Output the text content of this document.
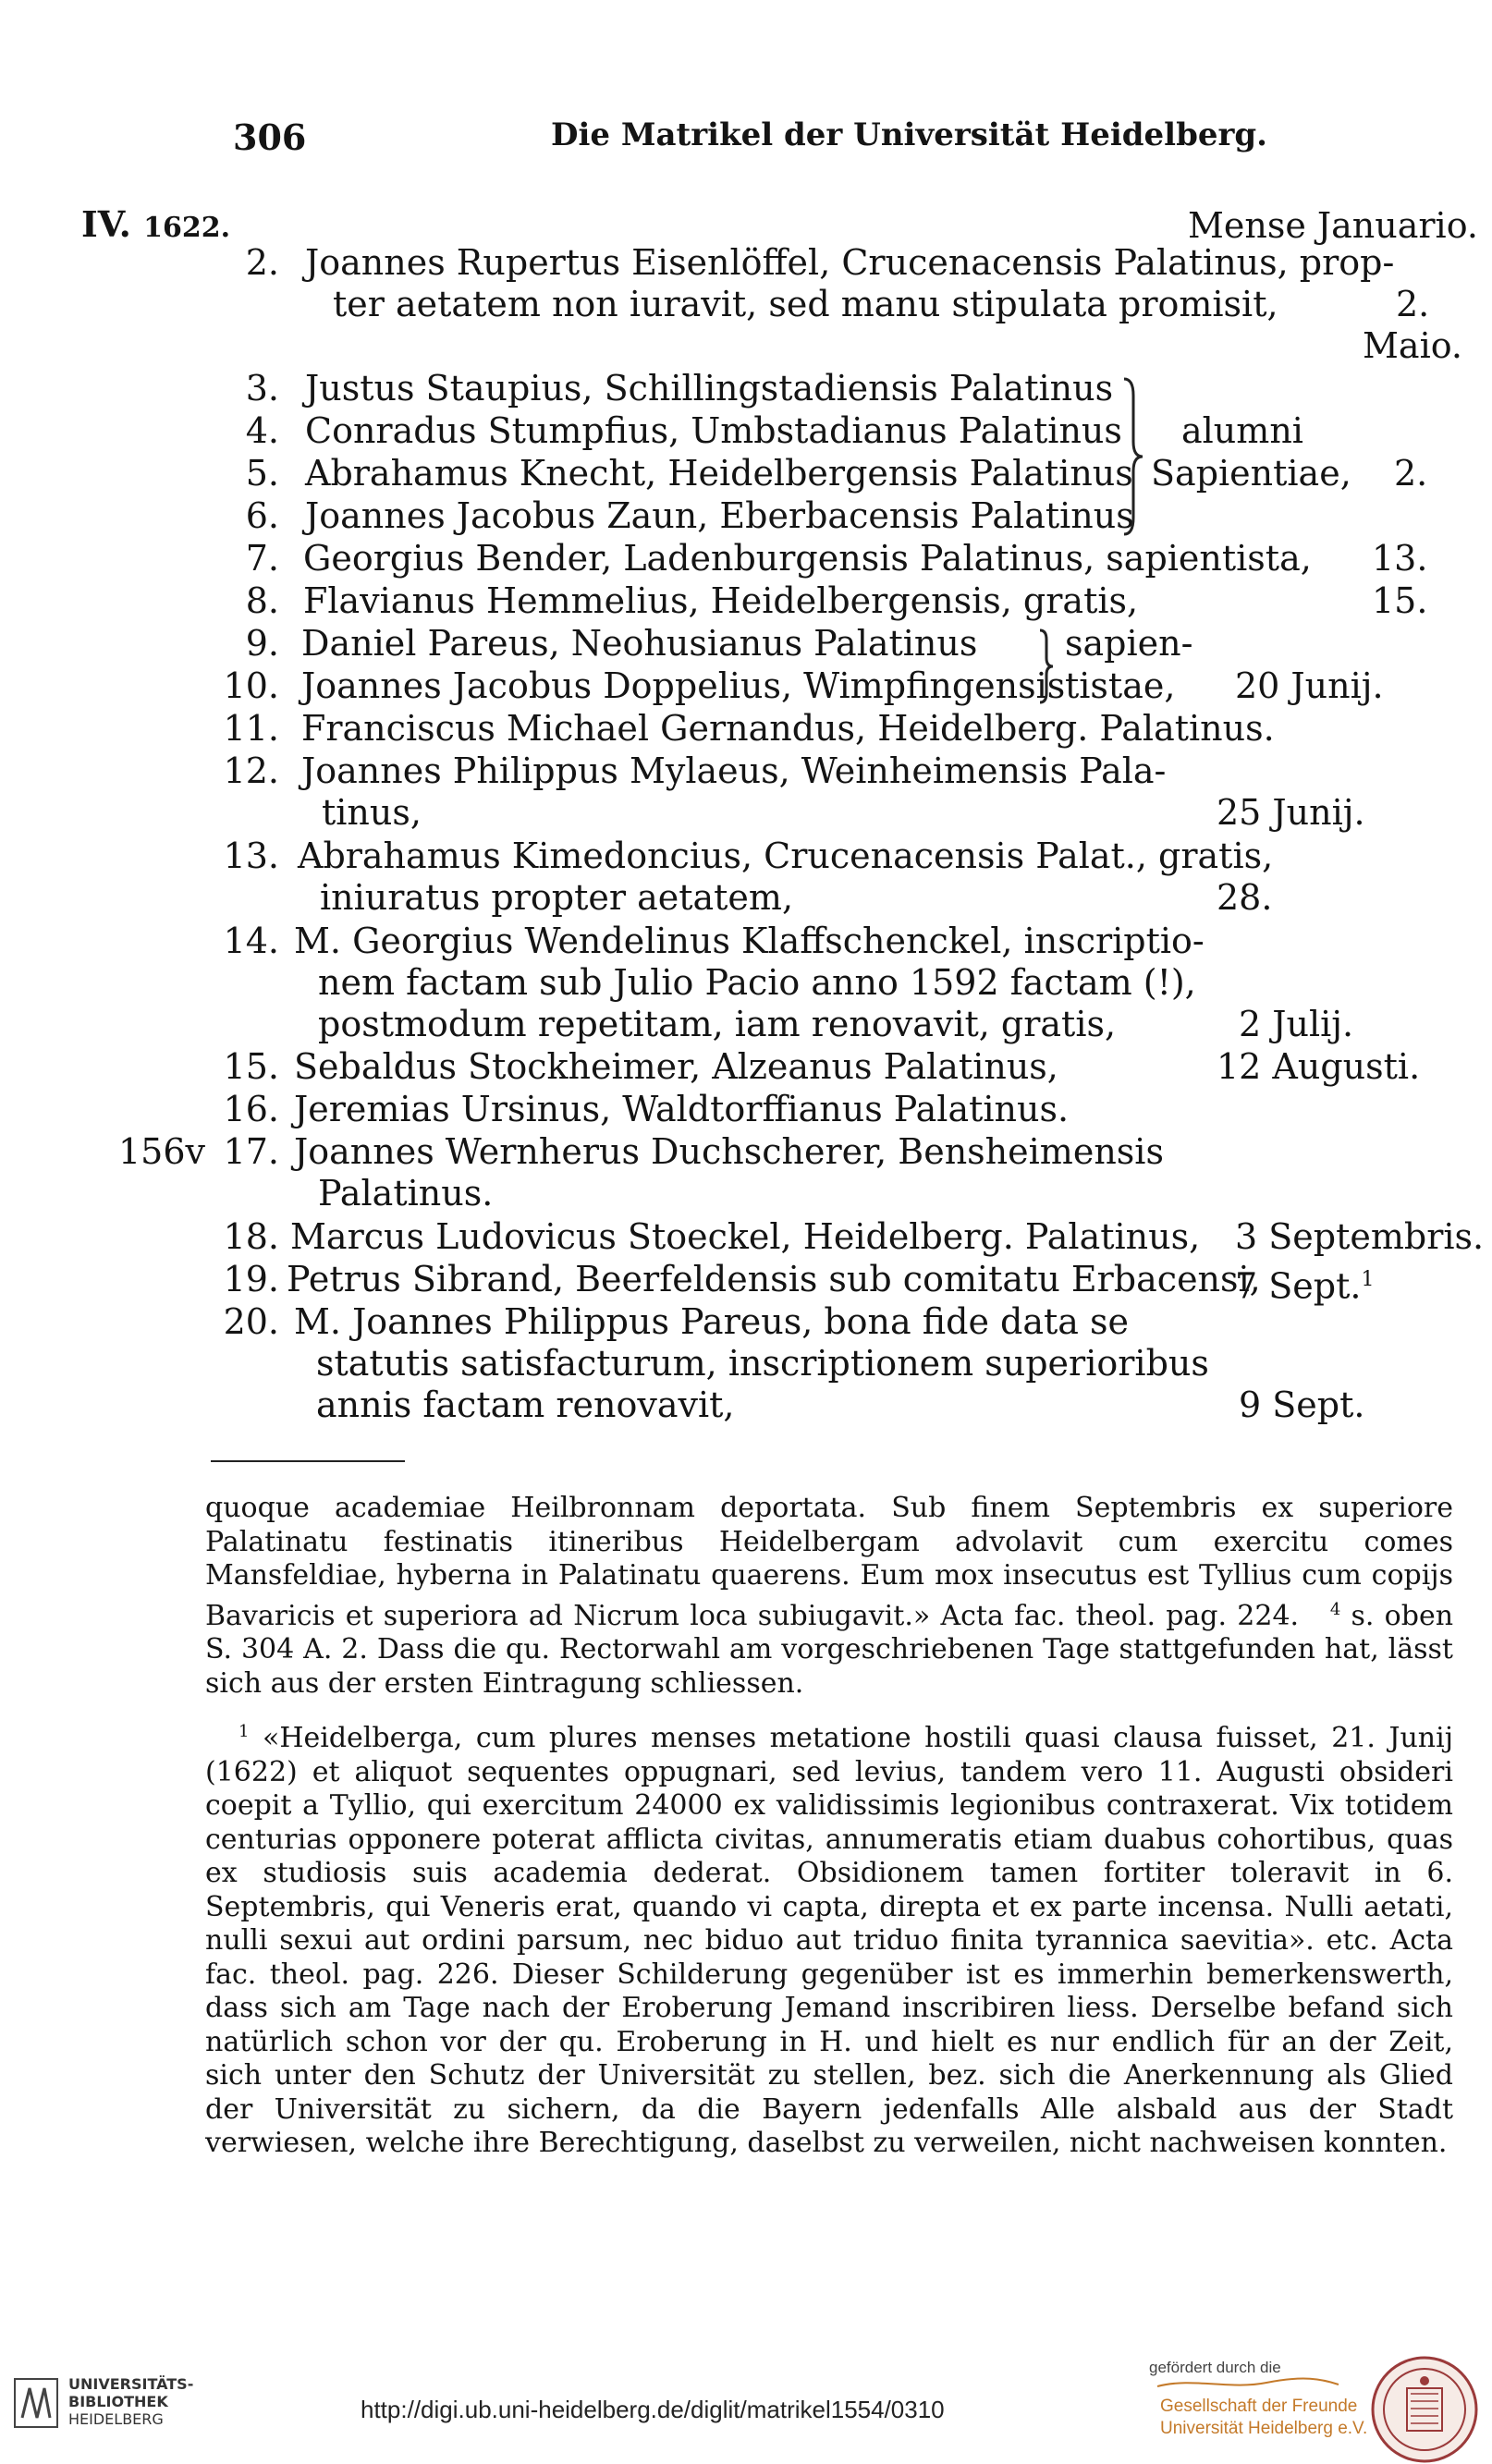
306	Die Matrikel der Universität Heidelberg.
IV. 1622.	Mense Januario.
2. Joannes Rupertus Eisenlöffel, Crucenacensis Palatinus, prop-
ter aetatem non iuravit, sed manu stipulata promisit,	2.
Maio.
3. Justus Staupius, Schillingstadiensis Palatinus
4. Conradus Stumpfius, Umbstadianus Palatinus
5. Abrahamus Knecht, Heidelbergensis Palatinus
6. Joannes Jacobus Zaun, Eberbacensis Palatinus
alumni
Sapientiae, 2.
7. Georgius Bender, Ladenburgensis Palatinus, sapientista, 13.
8. Flavianus Hemmelius, Heidelbergensis, gratis,	15.
9. Daniel Pareus, Neohusianus Palatinus
10. Joannes Jacobus Doppelius, Wimpfingensis	20 Junij.
sapien-
tistae,
11. Franciscus Michael Gernandus, Heidelberg. Palatinus.
12. Joannes Philippus Mylaeus, Weinheimensis Pala-
tinus,	25 Junij.
13. Abrahamus Kimedoncius, Crucenacensis Palat., gratis,
iniuratus propter aetatem,	28.
14. M. Georgius Wendelinus Klaffschenckel, inscriptio-
nem factam sub Julio Pacio anno 1592 factam (!),
postmodum repetitam, iam renovavit, gratis,	2 Julij.
15. Sebaldus Stockheimer, Alzeanus Palatinus,	12 Augusti.
16. Jeremias Ursinus, Waldtorffianus Palatinus.
156v 17. Joannes Wernherus Duchscherer, Bensheimensis
Palatinus.
18. Marcus Ludovicus Stoeckel, Heidelberg. Palatinus, 3 Septembris.
19. Petrus Sibrand, Beerfeldensis sub comitatu Erbacensi,
7 Sept.$^1$
20. M. Joannes Philippus Pareus, bona fide data se
statutis satisfacturum, inscriptionem superioribus
annis factam renovavit,	9 Sept.

quoque academiae Heilbronnam deportata. Sub finem Septembris ex superiore Palatinatu festinatis itineribus Heidelbergam advolavit cum exercitu comes Mansfeldiae, hyberna in Palatinatu quaerens. Eum mox insecutus est Tyllius cum copijs Bavaricis et superiora ad Nicrum loca subiugavit.» Acta fac. theol. pag. 224. $^4$ s. oben S. 304 A. 2. Dass die qu. Rectorwahl am vorgeschriebenen Tage stattgefunden hat, lässt sich aus der ersten Eintragung schliessen.

$^1$ «Heidelberga, cum plures menses metatione hostili quasi clausa fuisset, 21. Junij (1622) et aliquot sequentes oppugnari, sed levius, tandem vero 11. Augusti obsideri coepit a Tyllio, qui exercitum 24000 ex validissimis legionibus contraxerat. Vix totidem centurias opponere poterat afflicta civitas, annumeratis etiam duabus cohortibus, quas ex studiosis suis academia dederat. Obsidionem tamen fortiter toleravit in 6. Septembris, qui Veneris erat, quando vi capta, direpta et ex parte incensa. Nulli aetati, nulli sexui aut ordini parsum, nec biduo aut triduo finita tyrannica saevitia». etc. Acta fac. theol. pag. 226. Dieser Schilderung gegenüber ist es immerhin bemerkenswerth, dass sich am Tage nach der Eroberung Jemand inscribiren liess. Derselbe befand sich natürlich schon vor der qu. Eroberung in H. und hielt es nur endlich für an der Zeit, sich unter den Schutz der Universität zu stellen, bez. sich die Anerkennung als Glied der Universität zu sichern, da die Bayern jedenfalls Alle alsbald aus der Stadt verwiesen, welche ihre Berechtigung, daselbst zu verweilen, nicht nachweisen konnten.

UNIVERSITÄTS-
BIBLIOTHEK
HEIDELBERG	http://digi.ub.uni-heidelberg.de/diglit/matrikel1554/0310
gefördert durch die
Gesellschaft der Freunde
Universität Heidelberg e.V.
